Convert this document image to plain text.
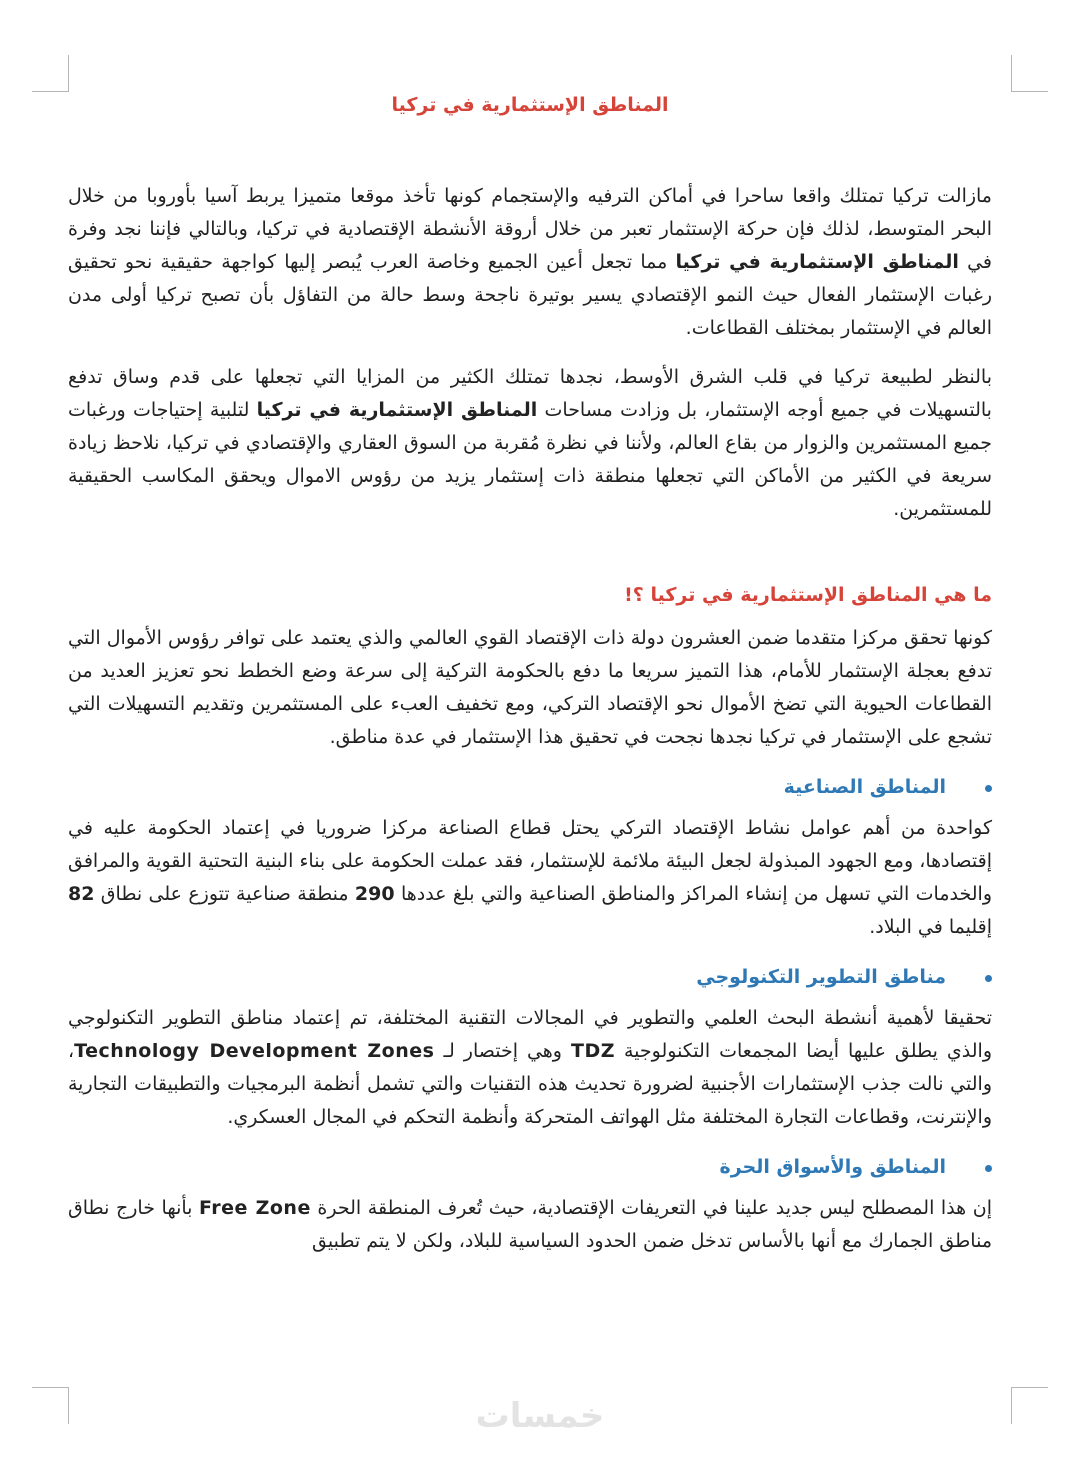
المناطق الإستثمارية في تركيا

مازالت تركيا تمتلك واقعا ساحرا في أماكن الترفيه والإستجمام كونها تأخذ موقعا متميزا يربط آسيا بأوروبا من خلال البحر المتوسط، لذلك فإن حركة الإستثمار تعبر من خلال أروقة الأنشطة الإقتصادية في تركيا، وبالتالي فإننا نجد وفرة في المناطق الإستثمارية في تركيا مما تجعل أعين الجميع وخاصة العرب يُبصر إليها كواجهة حقيقية نحو تحقيق رغبات الإستثمار الفعال حيث النمو الإقتصادي يسير بوتيرة ناجحة وسط حالة من التفاؤل بأن تصبح تركيا أولى مدن العالم في الإستثمار بمختلف القطاعات.

بالنظر لطبيعة تركيا في قلب الشرق الأوسط، نجدها تمتلك الكثير من المزايا التي تجعلها على قدم وساق تدفع بالتسهيلات في جميع أوجه الإستثمار، بل وزادت مساحات المناطق الإستثمارية في تركيا لتلبية إحتياجات ورغبات جميع المستثمرين والزوار من بقاع العالم، ولأننا في نظرة مُقربة من السوق العقاري والإقتصادي في تركيا، نلاحظ زيادة سريعة في الكثير من الأماكن التي تجعلها منطقة ذات إستثمار يزيد من رؤوس الاموال ويحقق المكاسب الحقيقية للمستثمرين.

ما هي المناطق الإستثمارية في تركيا ؟!

كونها تحقق مركزا متقدما ضمن العشرون دولة ذات الإقتصاد القوي العالمي والذي يعتمد على توافر رؤوس الأموال التي تدفع بعجلة الإستثمار للأمام، هذا التميز سريعا ما دفع بالحكومة التركية إلى سرعة وضع الخطط نحو تعزيز العديد من القطاعات الحيوية التي تضخ الأموال نحو الإقتصاد التركي، ومع تخفيف العبء على المستثمرين وتقديم التسهيلات التي تشجع على الإستثمار في تركيا نجدها نجحت في تحقيق هذا الإستثمار في عدة مناطق.

المناطق الصناعية

كواحدة من أهم عوامل نشاط الإقتصاد التركي يحتل قطاع الصناعة مركزا ضروريا في إعتماد الحكومة عليه في إقتصادها، ومع الجهود المبذولة لجعل البيئة ملائمة للإستثمار، فقد عملت الحكومة على بناء البنية التحتية القوية والمرافق والخدمات التي تسهل من إنشاء المراكز والمناطق الصناعية والتي بلغ عددها 290 منطقة صناعية تتوزع على نطاق 82 إقليما في البلاد.

مناطق التطوير التكنولوجي

تحقيقا لأهمية أنشطة البحث العلمي والتطوير في المجالات التقنية المختلفة، تم إعتماد مناطق التطوير التكنولوجي والذي يطلق عليها أيضا المجمعات التكنولوجية TDZ وهي إختصار لـ Technology Development Zones، والتي نالت جذب الإستثمارات الأجنبية لضرورة تحديث هذه التقنيات والتي تشمل أنظمة البرمجيات والتطبيقات التجارية والإنترنت، وقطاعات التجارة المختلفة مثل الهواتف المتحركة وأنظمة التحكم في المجال العسكري.

المناطق والأسواق الحرة

إن هذا المصطلح ليس جديد علينا في التعريفات الإقتصادية، حيث تُعرف المنطقة الحرة Free Zone بأنها خارج نطاق مناطق الجمارك مع أنها بالأساس تدخل ضمن الحدود السياسية للبلاد، ولكن لا يتم تطبيق

خمسات
